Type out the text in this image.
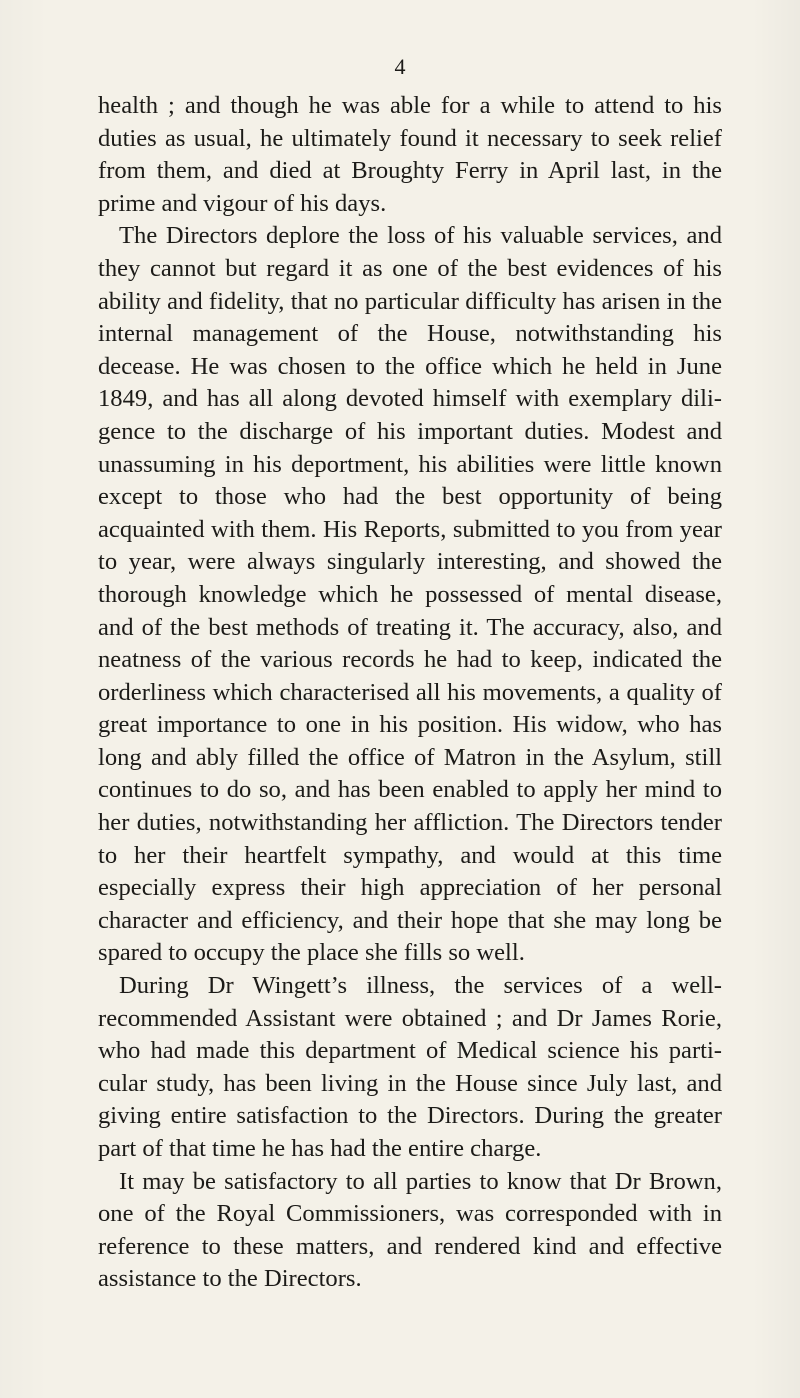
4

health ; and though he was able for a while to attend to his duties as usual, he ultimately found it necessary to seek relief from them, and died at Broughty Ferry in April last, in the prime and vigour of his days.

The Directors deplore the loss of his valuable services, and they cannot but regard it as one of the best evidences of his ability and fidelity, that no particular difficulty has arisen in the internal management of the House, notwithstanding his decease. He was chosen to the office which he held in June 1849, and has all along devoted himself with exemplary dili-gence to the discharge of his important duties. Modest and unassuming in his deportment, his abilities were little known except to those who had the best opportunity of being acquainted with them. His Reports, submitted to you from year to year, were always singularly interesting, and showed the thorough knowledge which he possessed of mental disease, and of the best methods of treating it. The accuracy, also, and neatness of the various records he had to keep, indicated the orderliness which characterised all his movements, a quality of great importance to one in his position. His widow, who has long and ably filled the office of Matron in the Asylum, still continues to do so, and has been enabled to apply her mind to her duties, notwithstanding her affliction. The Directors tender to her their heartfelt sympathy, and would at this time especially express their high appreciation of her personal character and efficiency, and their hope that she may long be spared to occupy the place she fills so well.

During Dr Wingett’s illness, the services of a well-recommended Assistant were obtained ; and Dr James Rorie, who had made this department of Medical science his parti-cular study, has been living in the House since July last, and giving entire satisfaction to the Directors. During the greater part of that time he has had the entire charge.

It may be satisfactory to all parties to know that Dr Brown, one of the Royal Commissioners, was corresponded with in reference to these matters, and rendered kind and effective assistance to the Directors.
